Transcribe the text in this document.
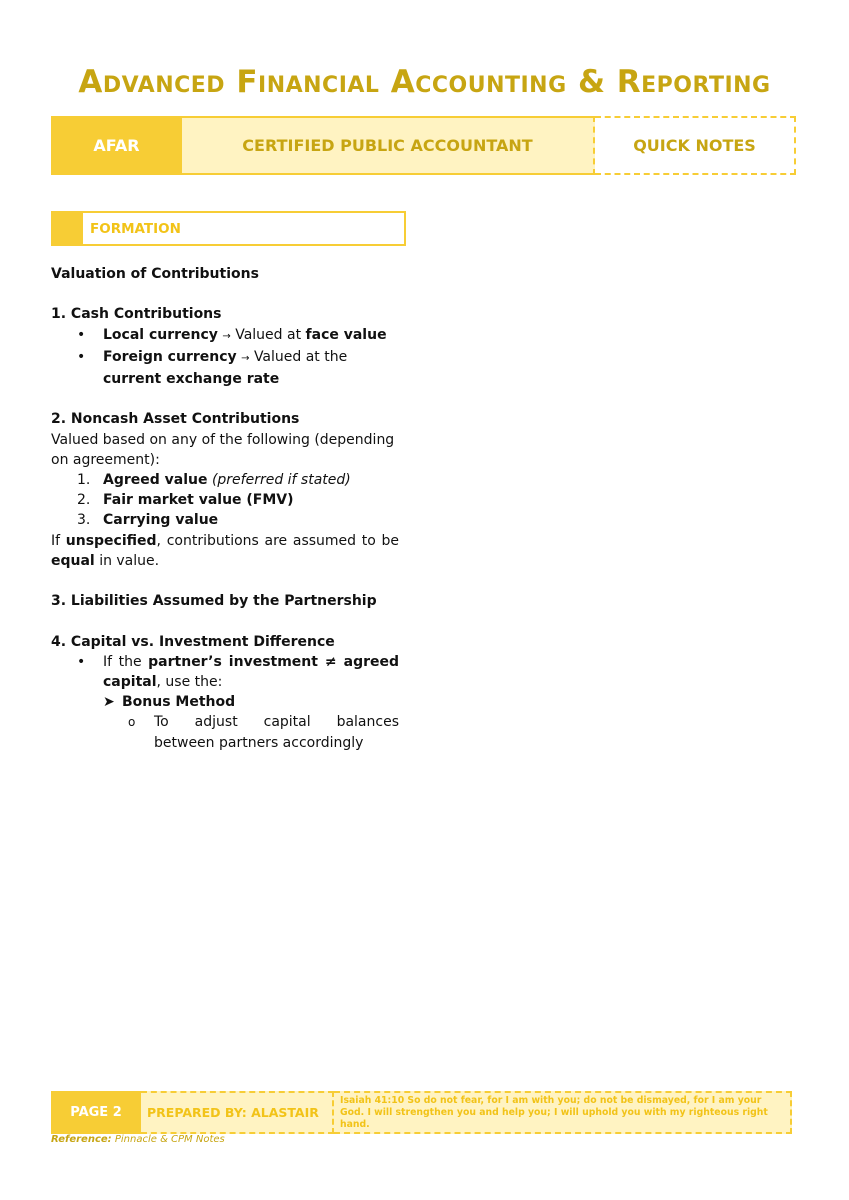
Advanced Financial Accounting & Reporting
AFAR	CERTIFIED PUBLIC ACCOUNTANT	QUICK NOTES
FORMATION

Valuation of Contributions

1. Cash Contributions

• Local currency → Valued at face value
• Foreign currency → Valued at the current exchange rate

2. Noncash Asset Contributions

Valued based on any of the following (depending on agreement):

1. Agreed value (preferred if stated)
2. Fair market value (FMV)
3. Carrying value

If unspecified, contributions are assumed to be equal in value.

3. Liabilities Assumed by the Partnership

4. Capital vs. Investment Difference

• If the partner’s investment ≠ agreed capital, use the:
➤ Bonus Method
o To adjust capital balances
between partners accordingly
PAGE 2	PREPARED BY: ALASTAIR
Isaiah 41:10 So do not fear, for I am with you; do not be dismayed, for I am your God. I will strengthen you and help you; I will uphold you with my righteous right hand.
Reference: Pinnacle & CPM Notes
